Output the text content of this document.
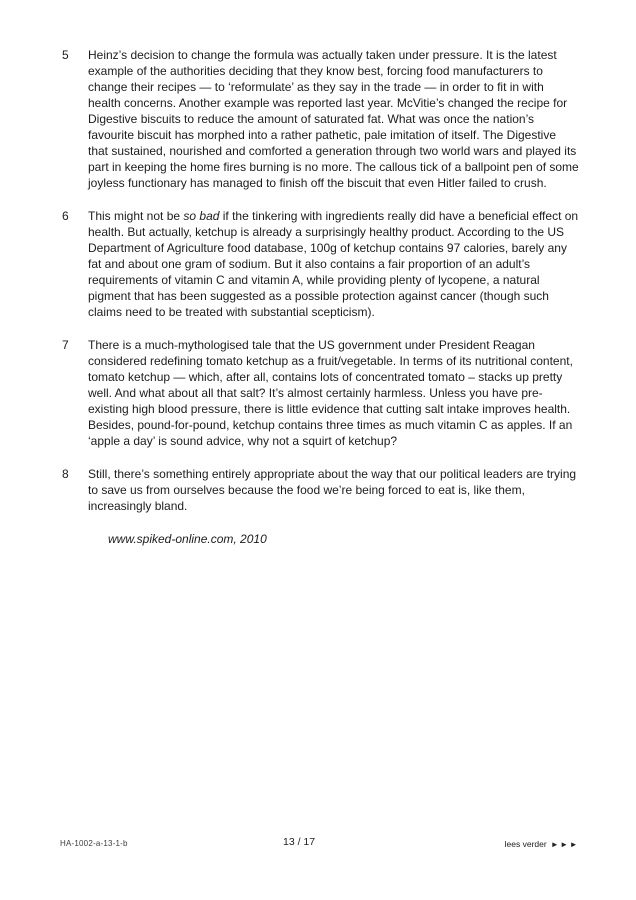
5	Heinz’s decision to change the formula was actually taken under pressure. It is the latest example of the authorities deciding that they know best, forcing food manufacturers to change their recipes — to ‘reformulate’ as they say in the trade — in order to fit in with health concerns. Another example was reported last year. McVitie’s changed the recipe for Digestive biscuits to reduce the amount of saturated fat. What was once the nation’s favourite biscuit has morphed into a rather pathetic, pale imitation of itself. The Digestive that sustained, nourished and comforted a generation through two world wars and played its part in keeping the home fires burning is no more. The callous tick of a ballpoint pen of some joyless functionary has managed to finish off the biscuit that even Hitler failed to crush.
6	This might not be so bad if the tinkering with ingredients really did have a beneficial effect on health. But actually, ketchup is already a surprisingly healthy product. According to the US Department of Agriculture food database, 100g of ketchup contains 97 calories, barely any fat and about one gram of sodium. But it also contains a fair proportion of an adult’s requirements of vitamin C and vitamin A, while providing plenty of lycopene, a natural pigment that has been suggested as a possible protection against cancer (though such claims need to be treated with substantial scepticism).
7	There is a much-mythologised tale that the US government under President Reagan considered redefining tomato ketchup as a fruit/vegetable. In terms of its nutritional content, tomato ketchup — which, after all, contains lots of concentrated tomato – stacks up pretty well. And what about all that salt? It’s almost certainly harmless. Unless you have pre-existing high blood pressure, there is little evidence that cutting salt intake improves health. Besides, pound-for-pound, ketchup contains three times as much vitamin C as apples. If an ‘apple a day’ is sound advice, why not a squirt of ketchup?
8	Still, there’s something entirely appropriate about the way that our political leaders are trying to save us from ourselves because the food we’re being forced to eat is, like them, increasingly bland.
www.spiked-online.com, 2010
HA-1002-a-13-1-b	13 / 17	lees verder ►►►
